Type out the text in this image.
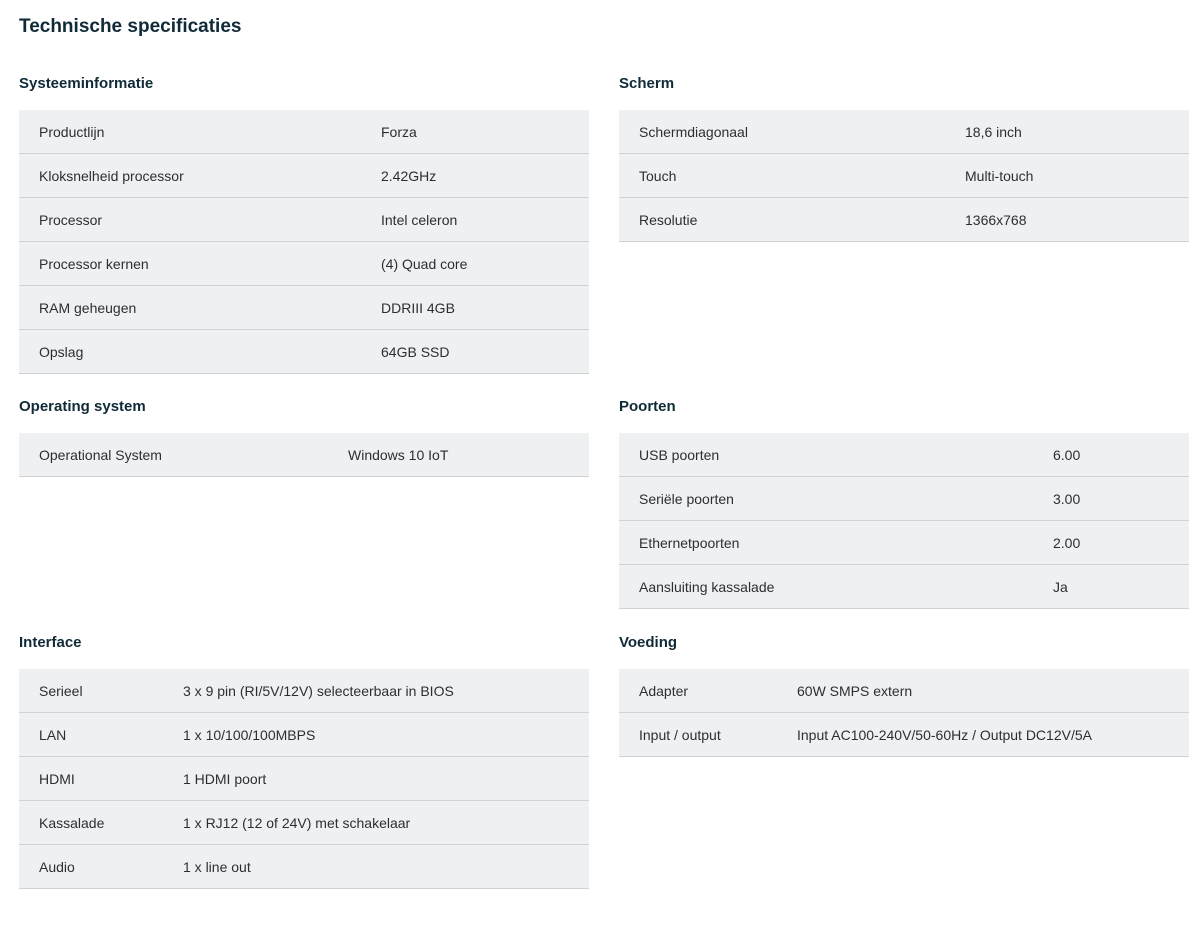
Technische specificaties
Systeeminformatie
Productlijn	Forza
Kloksnelheid processor	2.42GHz
Processor	Intel celeron
Processor kernen	(4) Quad core
RAM geheugen	DDRIII 4GB
Opslag	64GB SSD
Scherm
Schermdiagonaal	18,6 inch
Touch	Multi-touch
Resolutie	1366x768
Operating system
Operational System	Windows 10 IoT
Poorten
USB poorten	6.00
Seriële poorten	3.00
Ethernetpoorten	2.00
Aansluiting kassalade	Ja
Interface
Serieel	3 x 9 pin (RI/5V/12V) selecteerbaar in BIOS
LAN	1 x 10/100/100MBPS
HDMI	1 HDMI poort
Kassalade	1 x RJ12 (12 of 24V) met schakelaar
Audio	1 x line out
Voeding
Adapter	60W SMPS extern
Input / output	Input AC100-240V/50-60Hz / Output DC12V/5A
